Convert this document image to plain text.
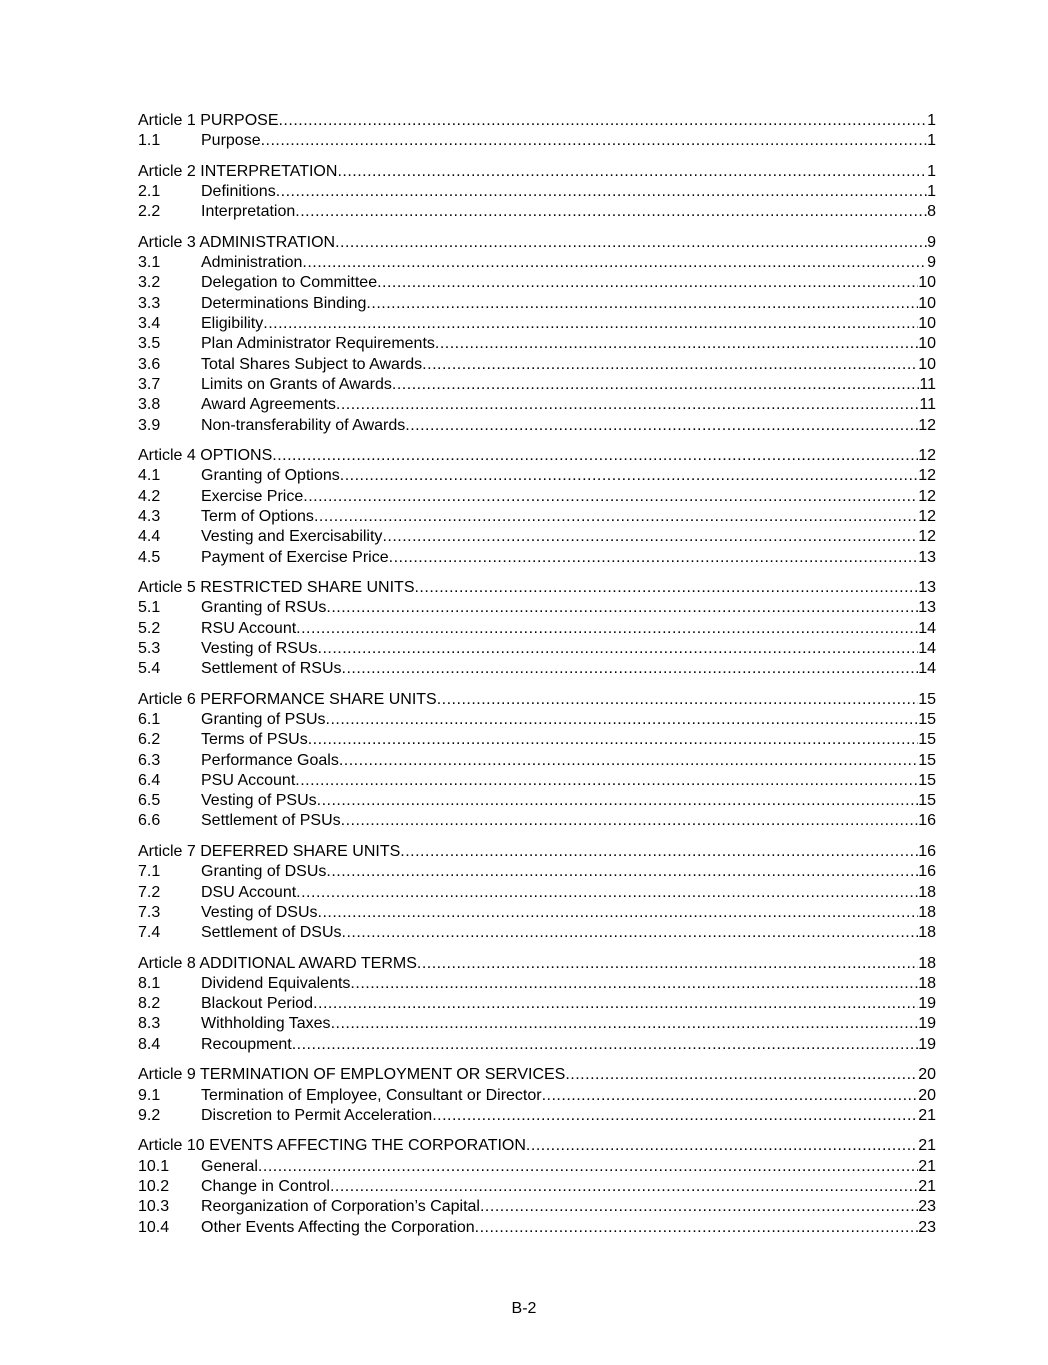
Article 1 PURPOSE .....	1
1.1	Purpose .....	1
Article 2 INTERPRETATION .....	1
2.1	Definitions .....	1
2.2	Interpretation .....	8
Article 3 ADMINISTRATION .....	9
3.1	Administration .....	9
3.2	Delegation to Committee .....	10
3.3	Determinations Binding .....	10
3.4	Eligibility .....	10
3.5	Plan Administrator Requirements .....	10
3.6	Total Shares Subject to Awards .....	10
3.7	Limits on Grants of Awards .....	11
3.8	Award Agreements .....	11
3.9	Non-transferability of Awards .....	12
Article 4 OPTIONS .....	12
4.1	Granting of Options .....	12
4.2	Exercise Price .....	12
4.3	Term of Options .....	12
4.4	Vesting and Exercisability .....	12
4.5	Payment of Exercise Price .....	13
Article 5 RESTRICTED SHARE UNITS .....	13
5.1	Granting of RSUs .....	13
5.2	RSU Account .....	14
5.3	Vesting of RSUs .....	14
5.4	Settlement of RSUs .....	14
Article 6 PERFORMANCE SHARE UNITS .....	15
6.1	Granting of PSUs .....	15
6.2	Terms of PSUs .....	15
6.3	Performance Goals .....	15
6.4	PSU Account .....	15
6.5	Vesting of PSUs .....	15
6.6	Settlement of PSUs .....	16
Article 7 DEFERRED SHARE UNITS .....	16
7.1	Granting of DSUs .....	16
7.2	DSU Account .....	18
7.3	Vesting of DSUs .....	18
7.4	Settlement of DSUs .....	18
Article 8 ADDITIONAL AWARD TERMS .....	18
8.1	Dividend Equivalents .....	18
8.2	Blackout Period .....	19
8.3	Withholding Taxes .....	19
8.4	Recoupment .....	19
Article 9 TERMINATION OF EMPLOYMENT OR SERVICES .....	20
9.1	Termination of Employee, Consultant or Director .....	20
9.2	Discretion to Permit Acceleration .....	21
Article 10 EVENTS AFFECTING THE CORPORATION .....	21
10.1	General .....	21
10.2	Change in Control .....	21
10.3	Reorganization of Corporation’s Capital .....	23
10.4	Other Events Affecting the Corporation .....	23
B-2
